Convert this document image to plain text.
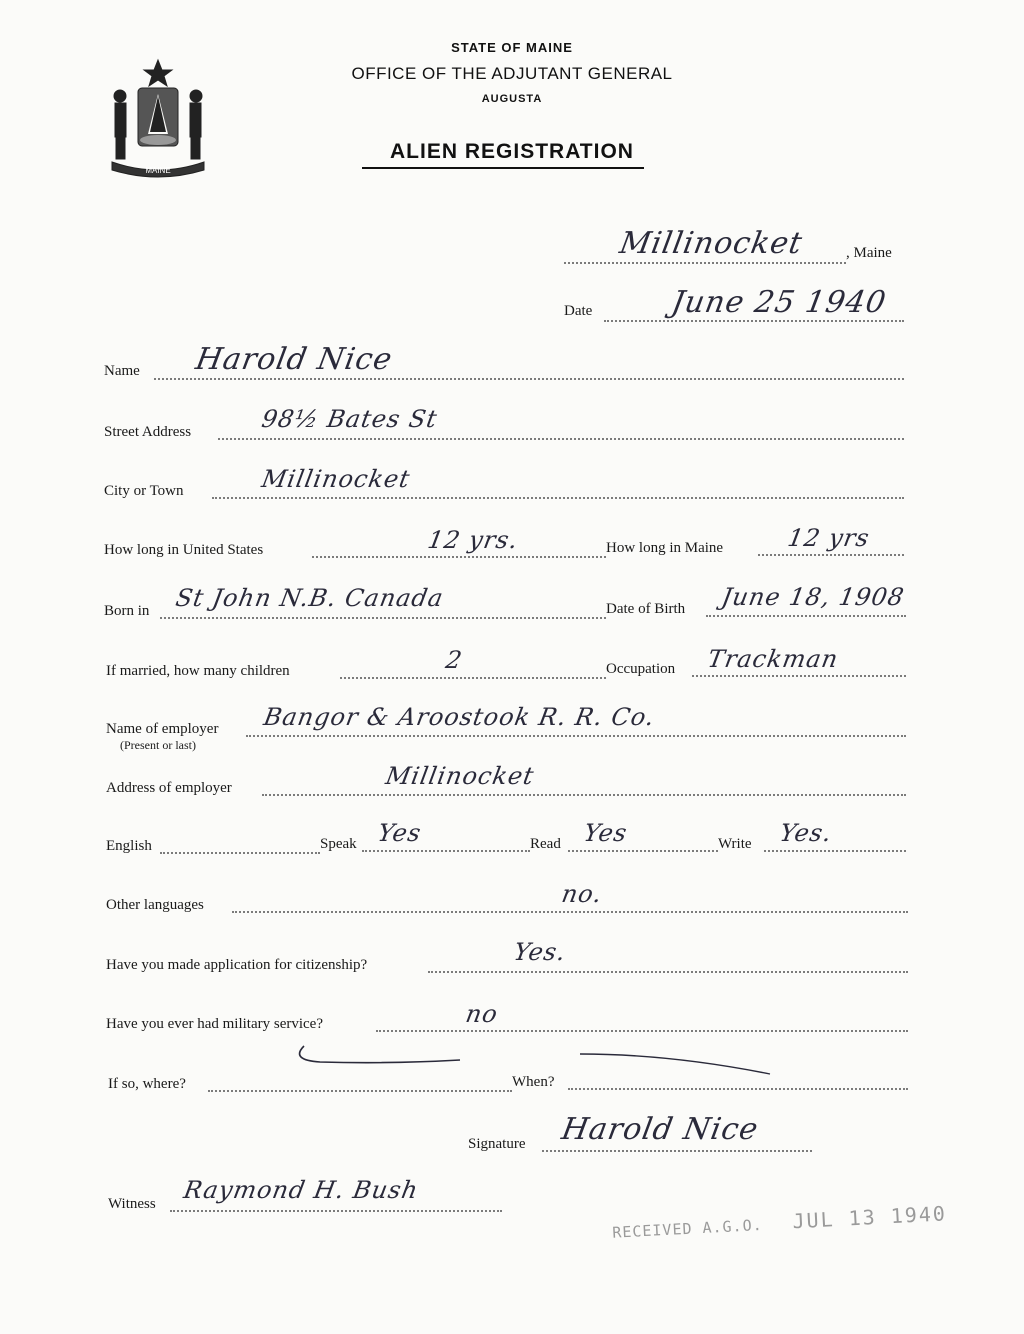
MAINE
STATE OF MAINE
OFFICE OF THE ADJUTANT GENERAL
AUGUSTA
ALIEN REGISTRATION
Millinocket	, Maine
Date	June 25 1940
Name Harold Nice
Street Address	98½ Bates St
City or Town	Millinocket
How long in United States	12 yrs.	How long in Maine	12 yrs
Born in St John N.B. Canada	Date of Birth June 18, 1908
If married, how many children	2	Occupation Trackman
Name of employer
(Present or last)
Bangor & Aroostook R. R. Co.
Address of employer	Millinocket
English	Speak Yes	Read Yes	Write Yes.
Other languages	no.
Have you made application for citizenship?	Yes.
Have you ever had military service?	no
If so, where?	When?
Signature Harold Nice
Witness Raymond H. Bush
RECEIVED A.G.O. JUL 13 1940
